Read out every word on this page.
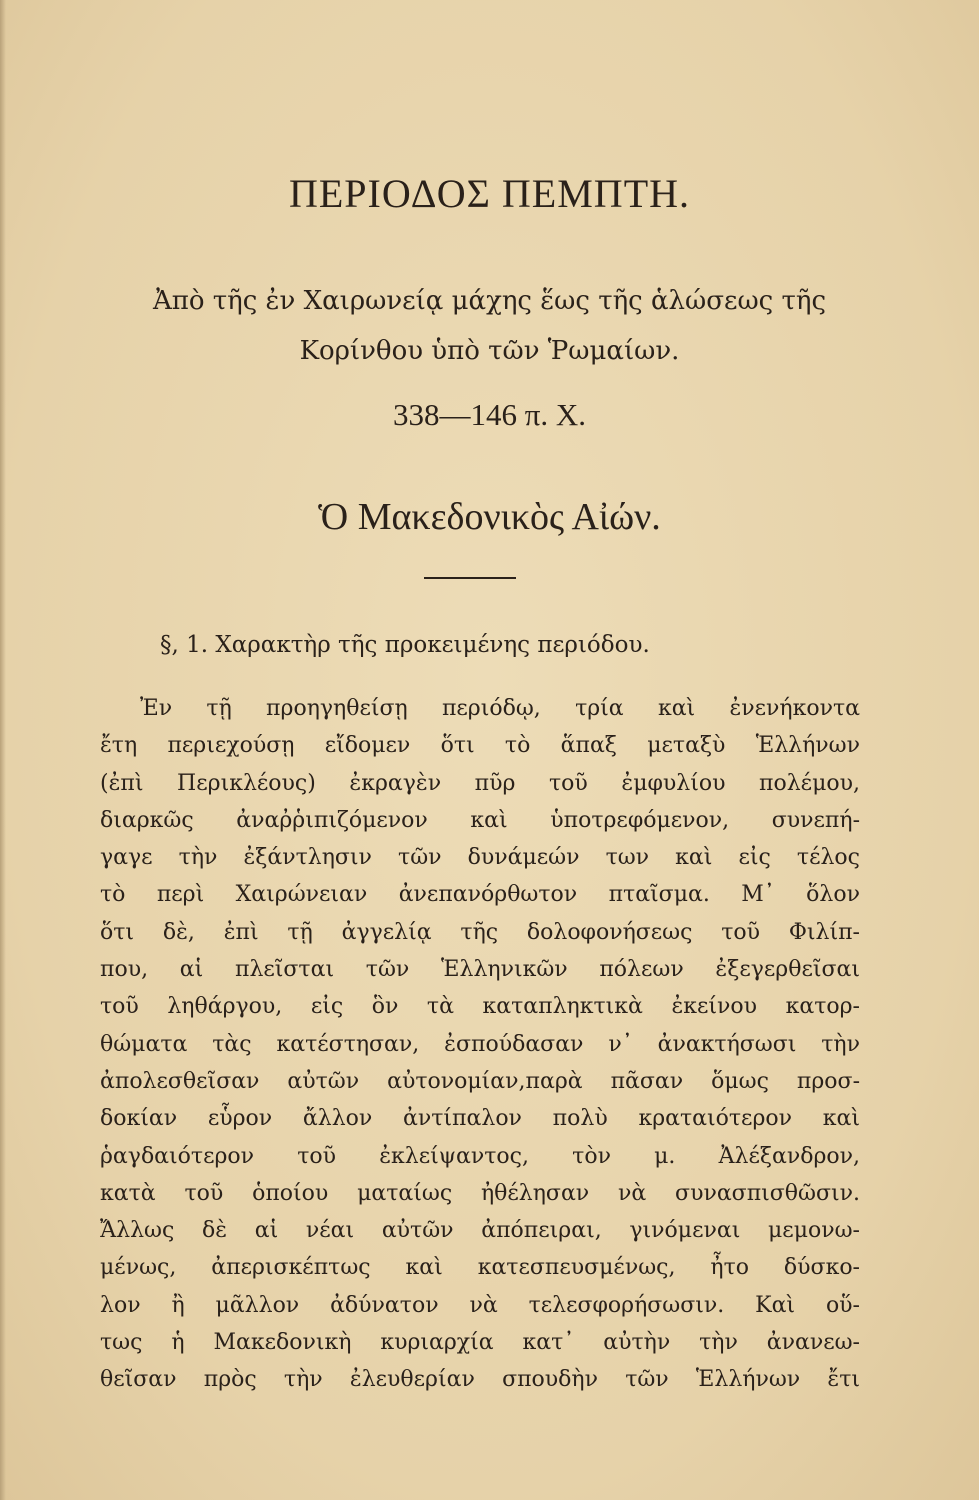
ΠΕΡΙΟΔΟΣ ΠΕΜΠΤΗ.
Ἀπὸ τῆς ἐν Χαιρωνείᾳ μάχης ἕως τῆς ἁλώσεως τῆς
Κορίνθου ὑπὸ τῶν Ῥωμαίων.
338—146 π. Χ.
Ὁ Μακεδονικὸς Αἰών.
§, 1. Χαρακτὴρ τῆς προκειμένης περιόδου.
Ἐν τῇ προηγηθείσῃ περιόδῳ, τρία καὶ ἐνενήκοντα
ἔτη περιεχούσῃ εἴδομεν ὅτι τὸ ἅπαξ μεταξὺ Ἑλλήνων
(ἐπὶ Περικλέους) ἐκραγὲν πῦρ τοῦ ἐμφυλίου πολέμου,
διαρκῶς ἀναῤῥιπιζόμενον καὶ ὑποτρεφόμενον, συνεπή-
γαγε τὴν ἐξάντλησιν τῶν δυνάμεών των καὶ εἰς τέλος
τὸ περὶ Χαιρώνειαν ἀνεπανόρθωτον πταῖσμα. Μ᾽ ὅλον
ὅτι δὲ, ἐπὶ τῇ ἀγγελίᾳ τῆς δολοφονήσεως τοῦ Φιλίπ-
που, αἱ πλεῖσται τῶν Ἑλληνικῶν πόλεων ἐξεγερθεῖσαι
τοῦ ληθάργου, εἰς ὃν τὰ καταπληκτικὰ ἐκείνου κατορ-
θώματα τὰς κατέστησαν, ἐσπούδασαν ν᾽ ἀνακτήσωσι τὴν
ἀπολεσθεῖσαν αὐτῶν αὐτονομίαν,παρὰ πᾶσαν ὅμως προσ-
δοκίαν εὗρον ἄλλον ἀντίπαλον πολὺ κραταιότερον καὶ
ῥαγδαιότερον τοῦ ἐκλείψαντος, τὸν μ. Ἀλέξανδρον,
κατὰ τοῦ ὁποίου ματαίως ἠθέλησαν νὰ συνασπισθῶσιν.
Ἄλλως δὲ αἱ νέαι αὐτῶν ἀπόπειραι, γινόμεναι μεμονω-
μένως, ἀπερισκέπτως καὶ κατεσπευσμένως, ἦτο δύσκο-
λον ἢ μᾶλλον ἀδύνατον νὰ τελεσφορήσωσιν. Καὶ οὕ-
τως ἡ Μακεδονικὴ κυριαρχία κατ᾽ αὐτὴν τὴν ἀνανεω-
θεῖσαν πρὸς τὴν ἐλευθερίαν σπουδὴν τῶν Ἑλλήνων ἔτι
